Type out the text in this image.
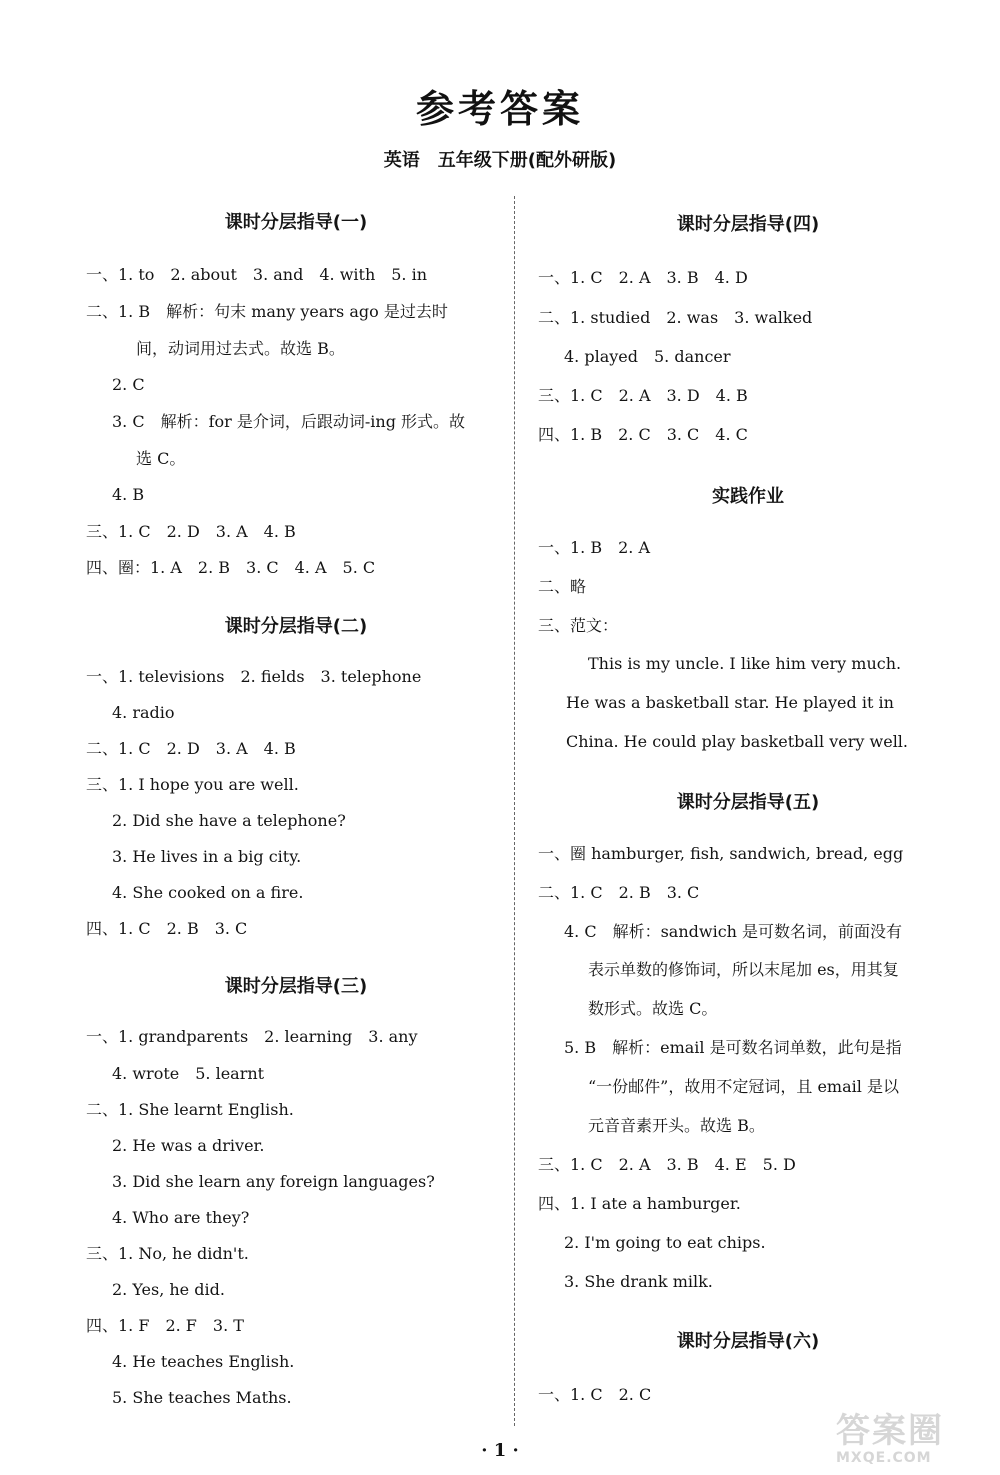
参考答案
英语　五年级下册(配外研版)
课时分层指导(一)
一、1. to　2. about　3. and　4. with　5. in
二、1. B　解析：句末 many years ago 是过去时
间，动词用过去式。故选 B。
2. C
3. C　解析：for 是介词，后跟动词-ing 形式。故
选 C。
4. B
三、1. C　2. D　3. A　4. B
四、圈：1. A　2. B　3. C　4. A　5. C
课时分层指导(二)
一、1. televisions　2. fields　3. telephone
4. radio
二、1. C　2. D　3. A　4. B
三、1. I hope you are well.
2. Did she have a telephone?
3. He lives in a big city.
4. She cooked on a fire.
四、1. C　2. B　3. C
课时分层指导(三)
一、1. grandparents　2. learning　3. any
4. wrote　5. learnt
二、1. She learnt English.
2. He was a driver.
3. Did she learn any foreign languages?
4. Who are they?
三、1. No, he didn't.
2. Yes, he did.
四、1. F　2. F　3. T
4. He teaches English.
5. She teaches Maths.
课时分层指导(四)
一、1. C　2. A　3. B　4. D
二、1. studied　2. was　3. walked
4. played　5. dancer
三、1. C　2. A　3. D　4. B
四、1. B　2. C　3. C　4. C
实践作业
一、1. B　2. A
二、略
三、范文：
This is my uncle. I like him very much.
He was a basketball star. He played it in
China. He could play basketball very well.
课时分层指导(五)
一、圈 hamburger, fish, sandwich, bread, egg
二、1. C　2. B　3. C
4. C　解析：sandwich 是可数名词，前面没有
表示单数的修饰词，所以末尾加 es，用其复
数形式。故选 C。
5. B　解析：email 是可数名词单数，此句是指
“一份邮件”，故用不定冠词，且 email 是以
元音音素开头。故选 B。
三、1. C　2. A　3. B　4. E　5. D
四、1. I ate a hamburger.
2. I'm going to eat chips.
3. She drank milk.
课时分层指导(六)
一、1. C　2. C
· 1 ·	答案圈
MXQE.COM
